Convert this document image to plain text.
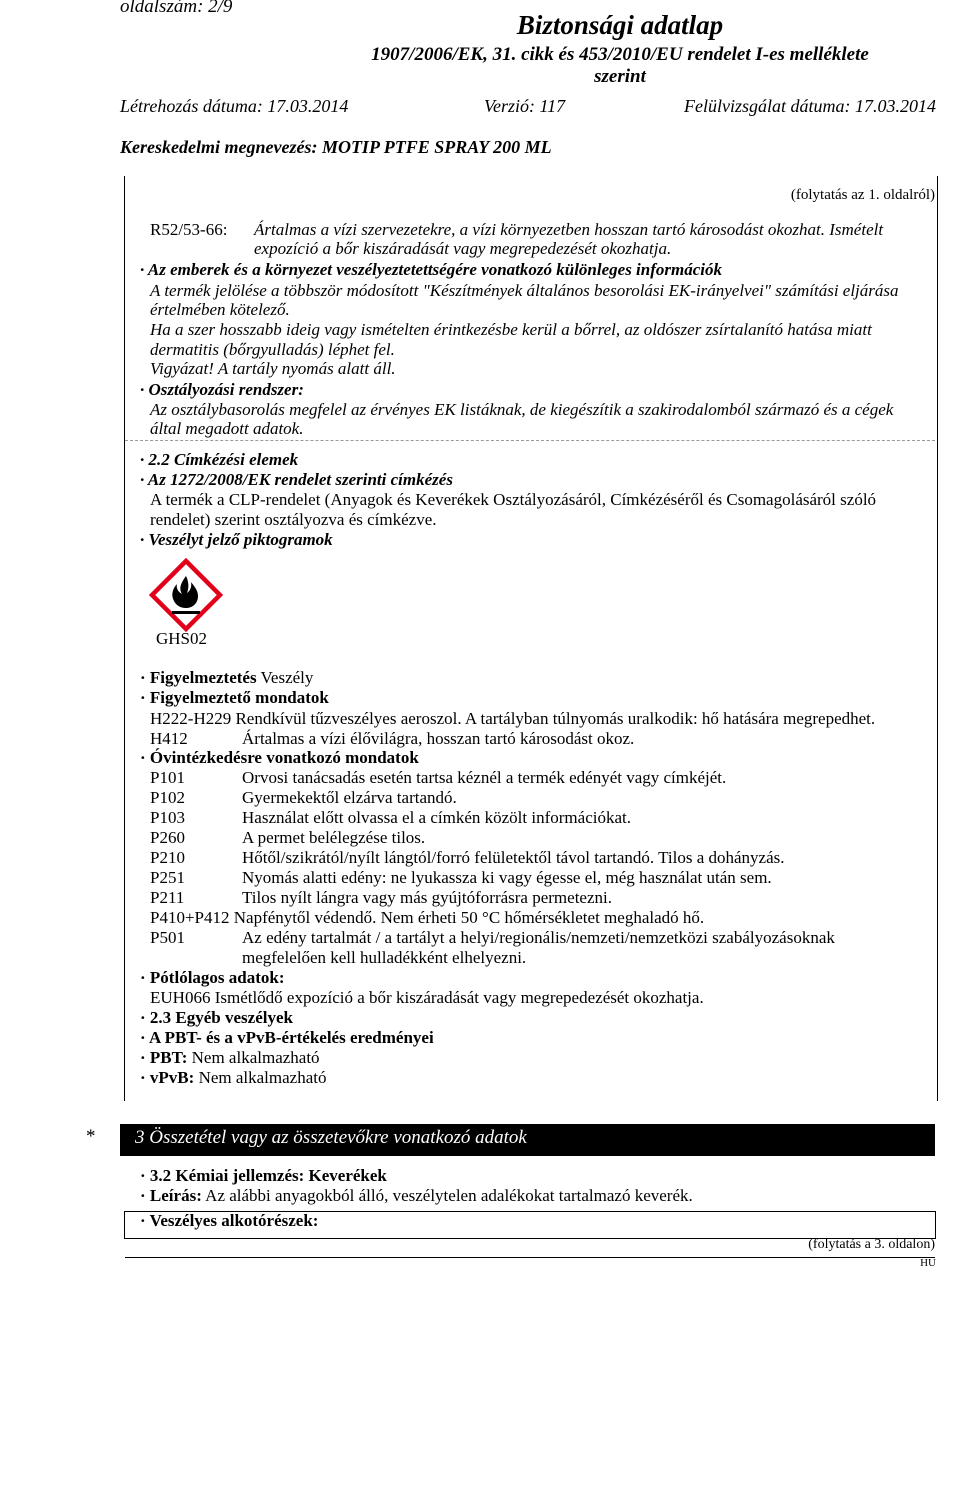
oldalszám: 2/9
Biztonsági adatlap
1907/2006/EK, 31. cikk és 453/2010/EU rendelet I-es melléklete
szerint
Létrehozás dátuma: 17.03.2014	Verzió: 117	Felülvizsgálat dátuma: 17.03.2014
Kereskedelmi megnevezés: MOTIP PTFE SPRAY 200 ML
(folytatás az 1. oldalról)
R52/53-66: Ártalmas a vízi szervezetekre, a vízi környezetben hosszan tartó károsodást okozhat. Ismételt
expozíció a bőr kiszáradását vagy megrepedezését okozhatja.
· Az emberek és a környezet veszélyeztetettségére vonatkozó különleges információk
A termék jelölése a többször módosított "Készítmények általános besorolási EK-irányelvei" számítási eljárása
értelmében kötelező.
Ha a szer hosszabb ideig vagy ismételten érintkezésbe kerül a bőrrel, az oldószer zsírtalanító hatása miatt
dermatitis (bőrgyulladás) léphet fel.
Vigyázat! A tartály nyomás alatt áll.
· Osztályozási rendszer:
Az osztálybasorolás megfelel az érvényes EK listáknak, de kiegészítik a szakirodalomból származó és a cégek
által megadott adatok.
· 2.2 Címkézési elemek
· Az 1272/2008/EK rendelet szerinti címkézés
A termék a CLP-rendelet (Anyagok és Keverékek Osztályozásáról, Címkézéséről és Csomagolásáról szóló
rendelet) szerint osztályozva és címkézve.
· Veszélyt jelző piktogramok
GHS02
· Figyelmeztetés Veszély
· Figyelmeztető mondatok
H222-H229 Rendkívül tűzveszélyes aeroszol. A tartályban túlnyomás uralkodik: hő hatására megrepedhet.
H412	Ártalmas a vízi élővilágra, hosszan tartó károsodást okoz.
· Óvintézkedésre vonatkozó mondatok
P101	Orvosi tanácsadás esetén tartsa kéznél a termék edényét vagy címkéjét.
P102	Gyermekektől elzárva tartandó.
P103	Használat előtt olvassa el a címkén közölt információkat.
P260	A permet belélegzése tilos.
P210	Hőtől/szikrától/nyílt lángtól/forró felületektől távol tartandó. Tilos a dohányzás.
P251	Nyomás alatti edény: ne lyukassza ki vagy égesse el, még használat után sem.
P211	Tilos nyílt lángra vagy más gyújtóforrásra permetezni.
P410+P412 Napfénytől védendő. Nem érheti 50 °C hőmérsékletet meghaladó hő.
P501	Az edény tartalmát / a tartályt a helyi/regionális/nemzeti/nemzetközi szabályozásoknak
megfelelően kell hulladékként elhelyezni.
· Pótlólagos adatok:
EUH066 Ismétlődő expozíció a bőr kiszáradását vagy megrepedezését okozhatja.
· 2.3 Egyéb veszélyek
· A PBT- és a vPvB-értékelés eredményei
· PBT: Nem alkalmazható
· vPvB: Nem alkalmazható
* 3 Összetétel vagy az összetevőkre vonatkozó adatok
· 3.2 Kémiai jellemzés: Keverékek
· Leírás: Az alábbi anyagokból álló, veszélytelen adalékokat tartalmazó keverék.
· Veszélyes alkotórészek:
(folytatás a 3. oldalon)
HU
